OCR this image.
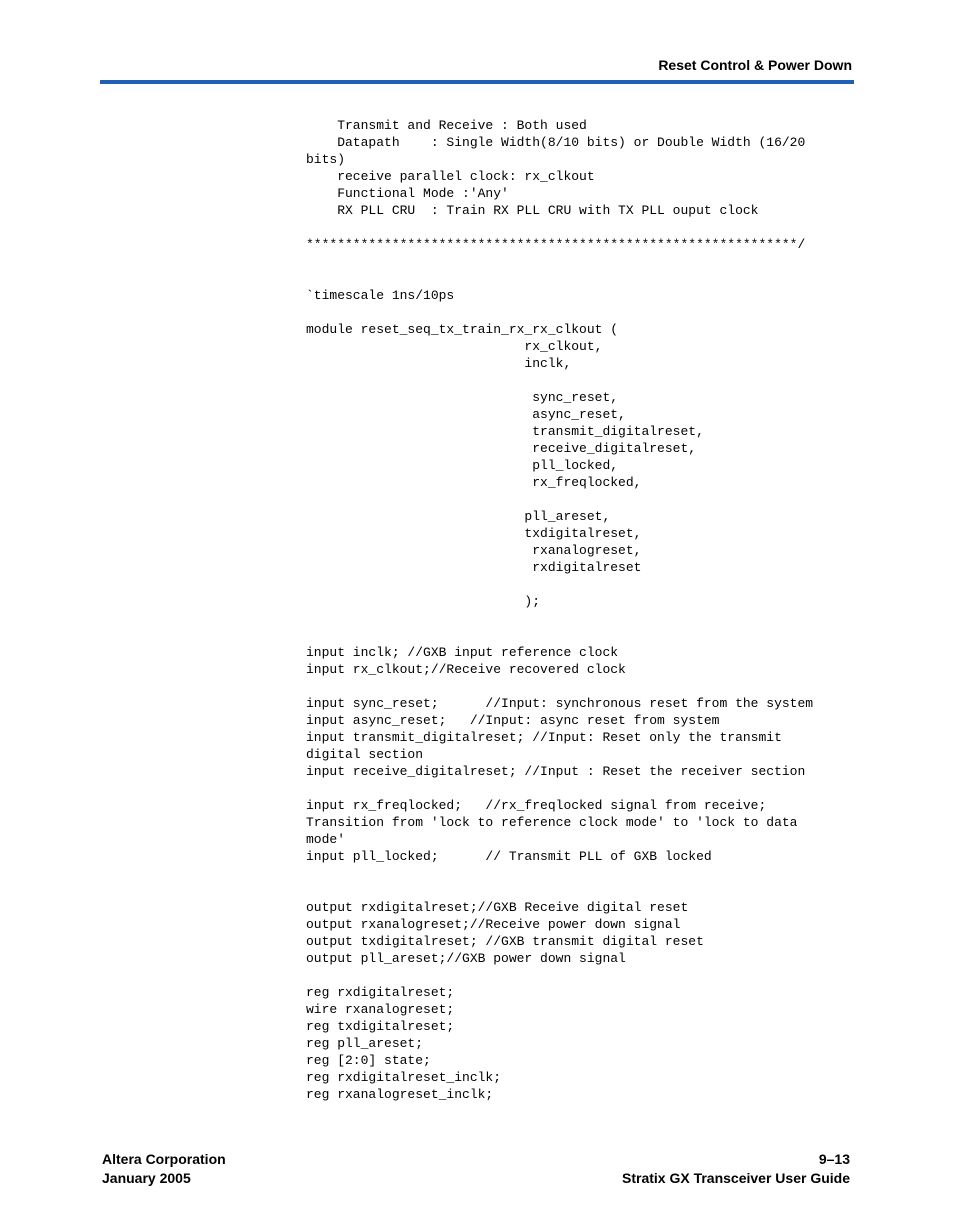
Reset Control & Power Down
Transmit and Receive : Both used
Datapath    : Single Width(8/10 bits) or Double Width (16/20
bits)
receive parallel clock: rx_clkout
Functional Mode :'Any'
RX PLL CRU  : Train RX PLL CRU with TX PLL ouput clock
***************************************************************/
`timescale 1ns/10ps
module reset_seq_tx_train_rx_rx_clkout (
rx_clkout,
inclk,
sync_reset,
async_reset,
transmit_digitalreset,
receive_digitalreset,
pll_locked,
rx_freqlocked,
pll_areset,
txdigitalreset,
rxanalogreset,
rxdigitalreset
);
input inclk; //GXB input reference clock
input rx_clkout;//Receive recovered clock
input sync_reset;      //Input: synchronous reset from the system
input async_reset;   //Input: async reset from system
input transmit_digitalreset; //Input: Reset only the transmit
digital section
input receive_digitalreset; //Input : Reset the receiver section
input rx_freqlocked;   //rx_freqlocked signal from receive;
Transition from 'lock to reference clock mode' to 'lock to data
mode'
input pll_locked;      // Transmit PLL of GXB locked
output rxdigitalreset;//GXB Receive digital reset
output rxanalogreset;//Receive power down signal
output txdigitalreset; //GXB transmit digital reset
output pll_areset;//GXB power down signal
reg rxdigitalreset;
wire rxanalogreset;
reg txdigitalreset;
reg pll_areset;
reg [2:0] state;
reg rxdigitalreset_inclk;
reg rxanalogreset_inclk;
Altera Corporation
January 2005
9–13
Stratix GX Transceiver User Guide
